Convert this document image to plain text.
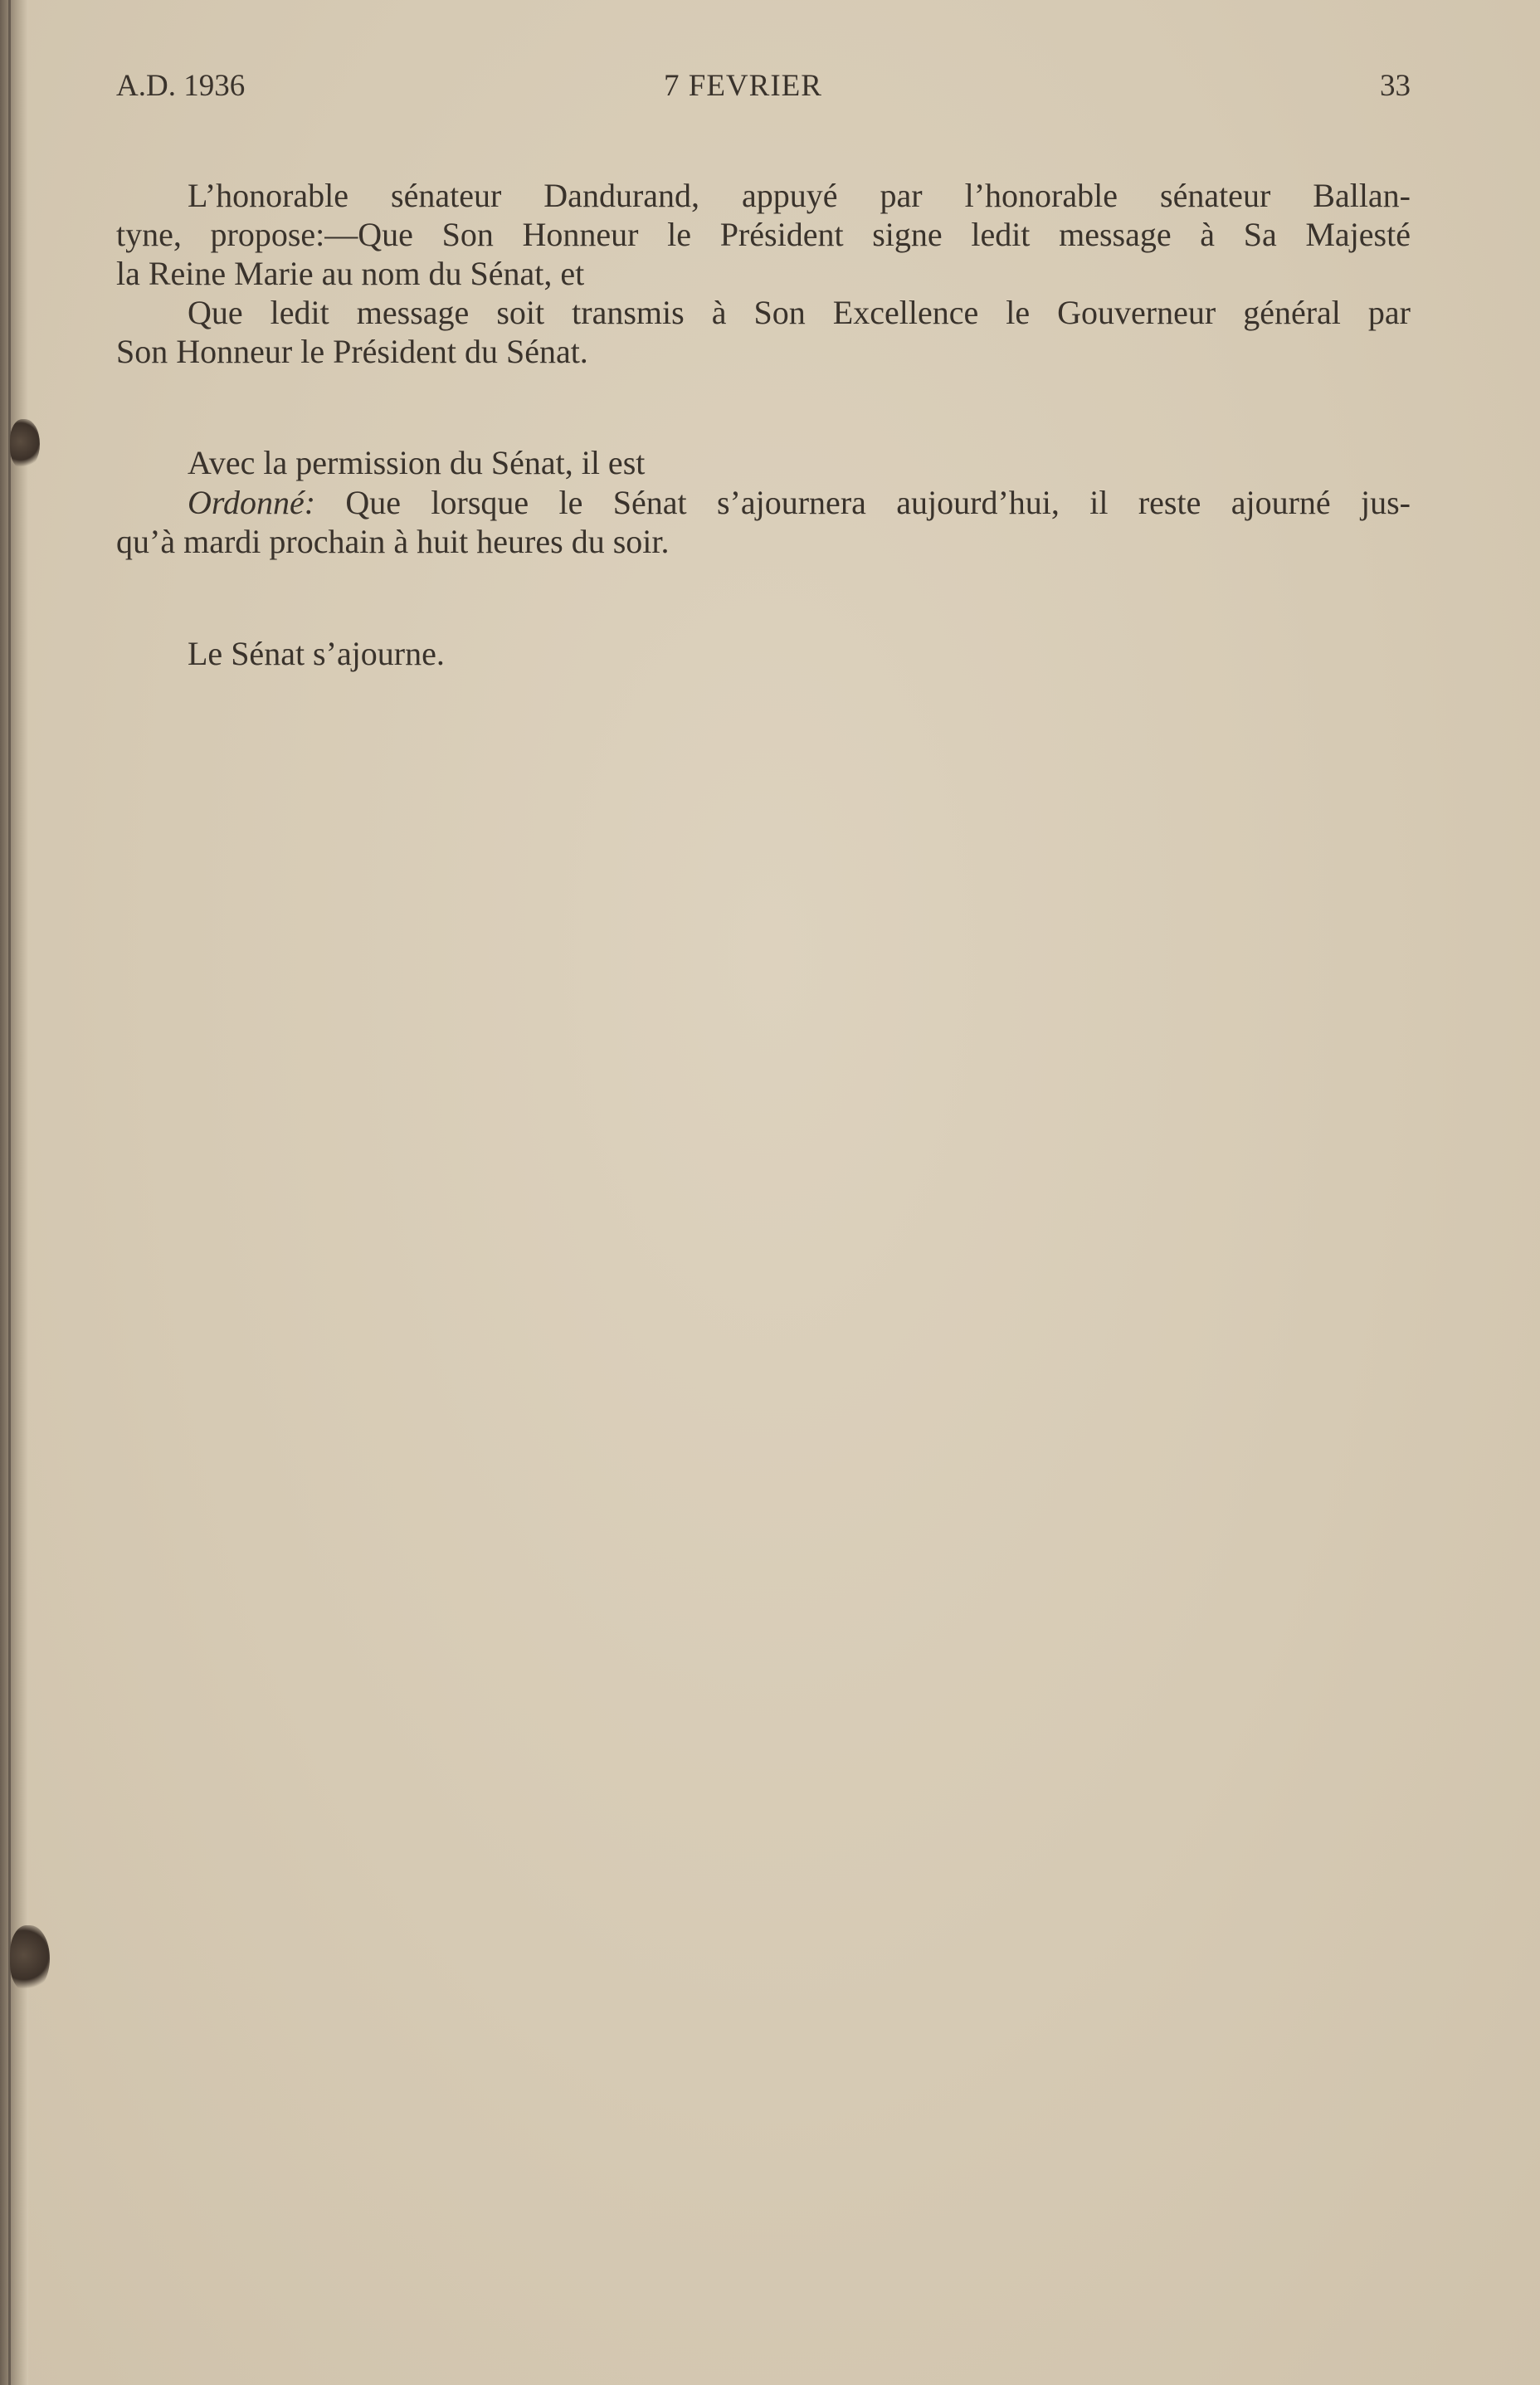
A.D. 1936	7 FEVRIER	33
L’honorable sénateur Dandurand, appuyé par l’honorable sénateur Ballan-
tyne, propose:—Que Son Honneur le Président signe ledit message à Sa Majesté
la Reine Marie au nom du Sénat, et
Que ledit message soit transmis à Son Excellence le Gouverneur général par
Son Honneur le Président du Sénat.
Avec la permission du Sénat, il est
Ordonné: Que lorsque le Sénat s’ajournera aujourd’hui, il reste ajourné jus-
qu’à mardi prochain à huit heures du soir.
Le Sénat s’ajourne.
